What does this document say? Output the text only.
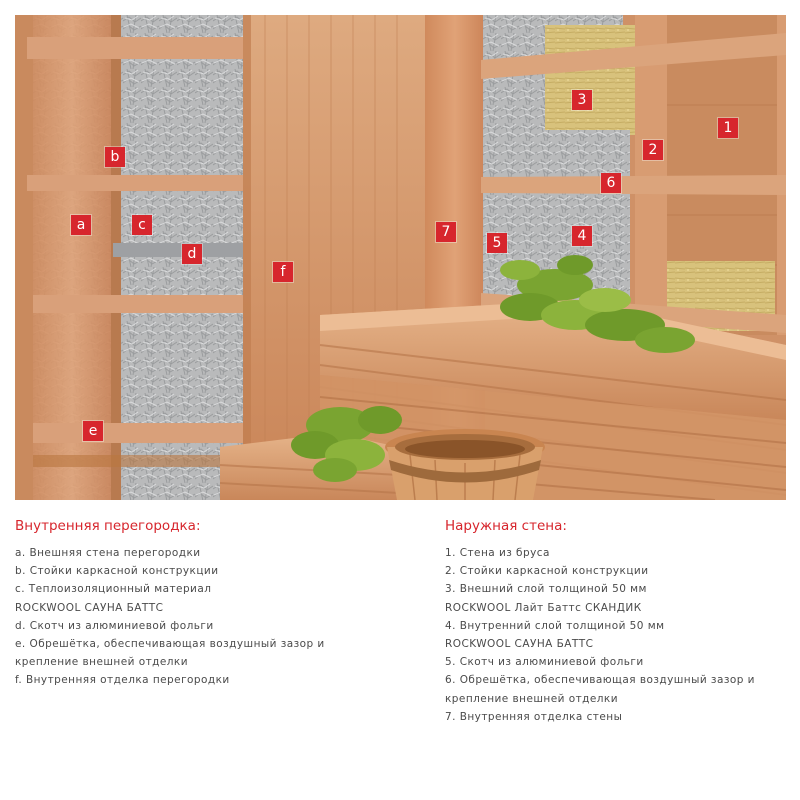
b
a	c
d
e
f
7
5	4
3
2
6
1
Внутренняя перегородка:
a. Внешняя стена перегородки
b. Стойки каркасной конструкции
c. Теплоизоляционный материал
ROCKWOOL САУНА БАТТС
d. Скотч из алюминиевой фольги
e. Обрешётка, обеспечивающая воздушный зазор и
крепление внешней отделки
f. Внутренняя отделка перегородки
Наружная стена:
1. Стена из бруса
2. Стойки каркасной конструкции
3. Внешний слой толщиной 50 мм
ROCKWOOL Лайт Баттс СКАНДИК
4. Внутренний слой толщиной 50 мм
ROCKWOOL САУНА БАТТС
5. Скотч из алюминиевой фольги
6. Обрешётка, обеспечивающая воздушный зазор и
крепление внешней отделки
7. Внутренняя отделка стены
